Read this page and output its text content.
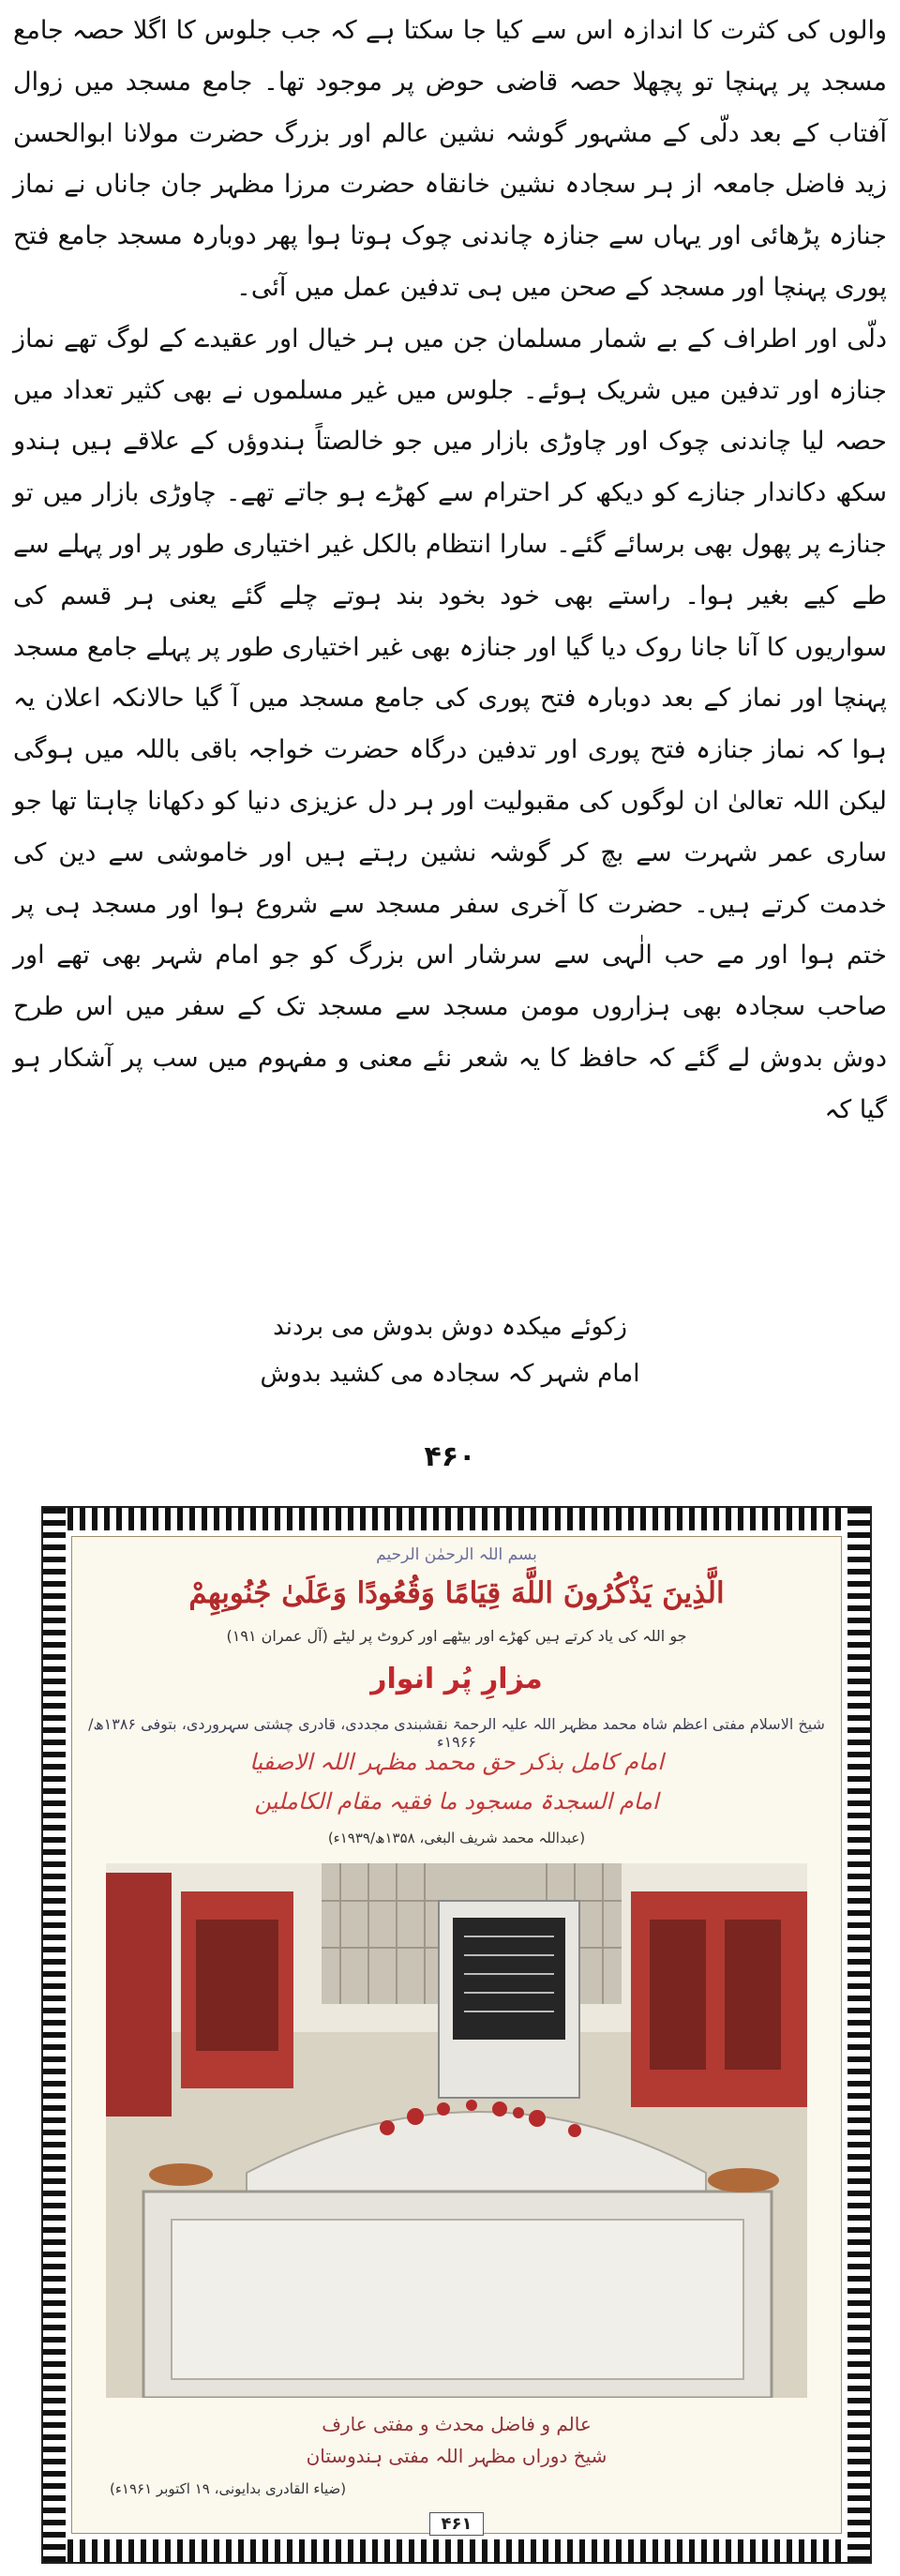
والوں کی کثرت کا اندازہ اس سے کیا جا سکتا ہے کہ جب جلوس کا اگلا حصہ جامع مسجد پر پہنچا تو پچھلا حصہ قاضی حوض پر موجود تھا۔ جامع مسجد میں زوال آفتاب کے بعد دلّی کے مشہور گوشہ نشین عالم اور بزرگ حضرت مولانا ابوالحسن زید فاضل جامعہ از ہر سجادہ نشین خانقاہ حضرت مرزا مظہر جان جاناں نے نماز جنازہ پڑھائی اور یہاں سے جنازہ چاندنی چوک ہوتا ہوا پھر دوبارہ مسجد جامع فتح پوری پہنچا اور مسجد کے صحن میں ہی تدفین عمل میں آئی۔

دلّی اور اطراف کے بے شمار مسلمان جن میں ہر خیال اور عقیدے کے لوگ تھے نماز جنازہ اور تدفین میں شریک ہوئے۔ جلوس میں غیر مسلموں نے بھی کثیر تعداد میں حصہ لیا چاندنی چوک اور چاوڑی بازار میں جو خالصتاً ہندوؤں کے علاقے ہیں ہندو سکھ دکاندار جنازے کو دیکھ کر احترام سے کھڑے ہو جاتے تھے۔ چاوڑی بازار میں تو جنازے پر پھول بھی برسائے گئے۔ سارا انتظام بالکل غیر اختیاری طور پر اور پہلے سے طے کیے بغیر ہوا۔ راستے بھی خود بخود بند ہوتے چلے گئے یعنی ہر قسم کی سواریوں کا آنا جانا روک دیا گیا اور جنازہ بھی غیر اختیاری طور پر پہلے جامع مسجد پہنچا اور نماز کے بعد دوبارہ فتح پوری کی جامع مسجد میں آ گیا حالانکہ اعلان یہ ہوا کہ نماز جنازہ فتح پوری اور تدفین درگاہ حضرت خواجہ باقی باللہ میں ہوگی لیکن اللہ تعالیٰ ان لوگوں کی مقبولیت اور ہر دل عزیزی دنیا کو دکھانا چاہتا تھا جو ساری عمر شہرت سے بچ کر گوشہ نشین رہتے ہیں اور خاموشی سے دین کی خدمت کرتے ہیں۔ حضرت کا آخری سفر مسجد سے شروع ہوا اور مسجد ہی پر ختم ہوا اور مے حب الٰہی سے سرشار اس بزرگ کو جو امام شہر بھی تھے اور صاحب سجادہ بھی ہزاروں مومن مسجد سے مسجد تک کے سفر میں اس طرح دوش بدوش لے گئے کہ حافظ کا یہ شعر نئے معنی و مفہوم میں سب پر آشکار ہو گیا کہ

زکوئے میکدہ دوش بدوش می بردند
امام شہر کہ سجادہ می کشید بدوش
۴۶۰
بسم اللہ الرحمٰن الرحیم
الَّذِينَ يَذْكُرُونَ اللَّهَ قِيَامًا وَقُعُودًا وَعَلَىٰ جُنُوبِهِمْ
جو اللہ کی یاد کرتے ہیں کھڑے اور بیٹھے اور کروٹ پر لیٹے (آل عمران ۱۹۱)
مزارِ پُر انوار
شیخ الاسلام مفتی اعظم شاہ محمد مظہر اللہ علیہ الرحمۃ نقشبندی مجددی، قادری چشتی سہروردی، بتوفی ۱۳۸۶ھ/۱۹۶۶ء
امام کامل بذکر حق محمد مظہر اللہ الاصفیا
امام السجدۃ مسجود ما فقیہ مقام الکاملین
(عبداللہ محمد شریف البغی، ۱۳۵۸ھ/۱۹۳۹ء)
عالم و فاضل محدث و مفتی عارف
شیخ دوراں مظہر اللہ مفتی ہندوستان
(ضیاء القادری بدایونی، ۱۹ اکتوبر ۱۹۶۱ء)
۴۶۱
